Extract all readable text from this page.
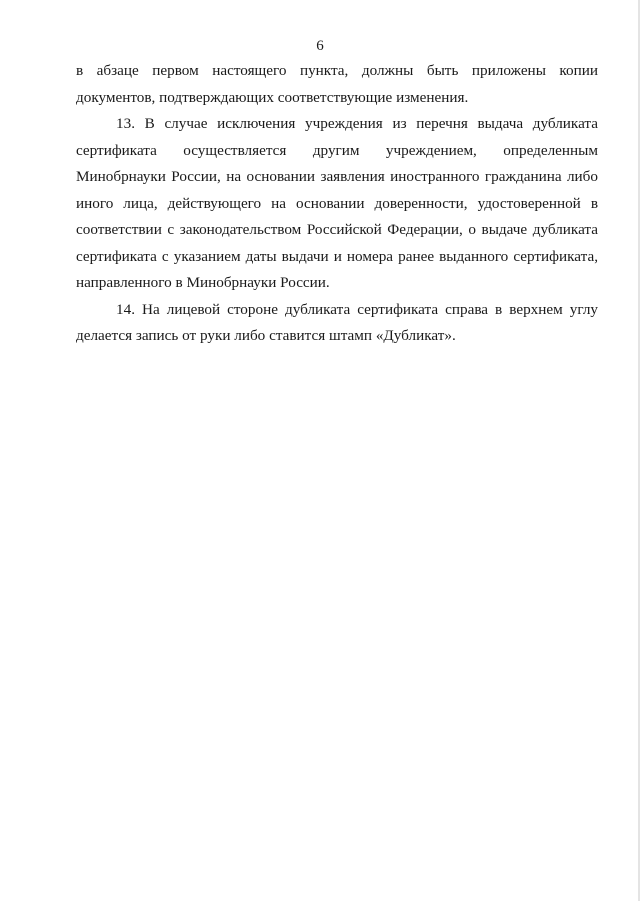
6

в абзаце первом настоящего пункта, должны быть приложены копии документов, подтверждающих соответствующие изменения.

13. В случае исключения учреждения из перечня выдача дубликата сертификата осуществляется другим учреждением, определенным Минобрнауки России, на основании заявления иностранного гражданина либо иного лица, действующего на основании доверенности, удостоверенной в соответствии с законодательством Российской Федерации, о выдаче дубликата сертификата с указанием даты выдачи и номера ранее выданного сертификата, направленного в Минобрнауки России.

14. На лицевой стороне дубликата сертификата справа в верхнем углу делается запись от руки либо ставится штамп «Дубликат».
